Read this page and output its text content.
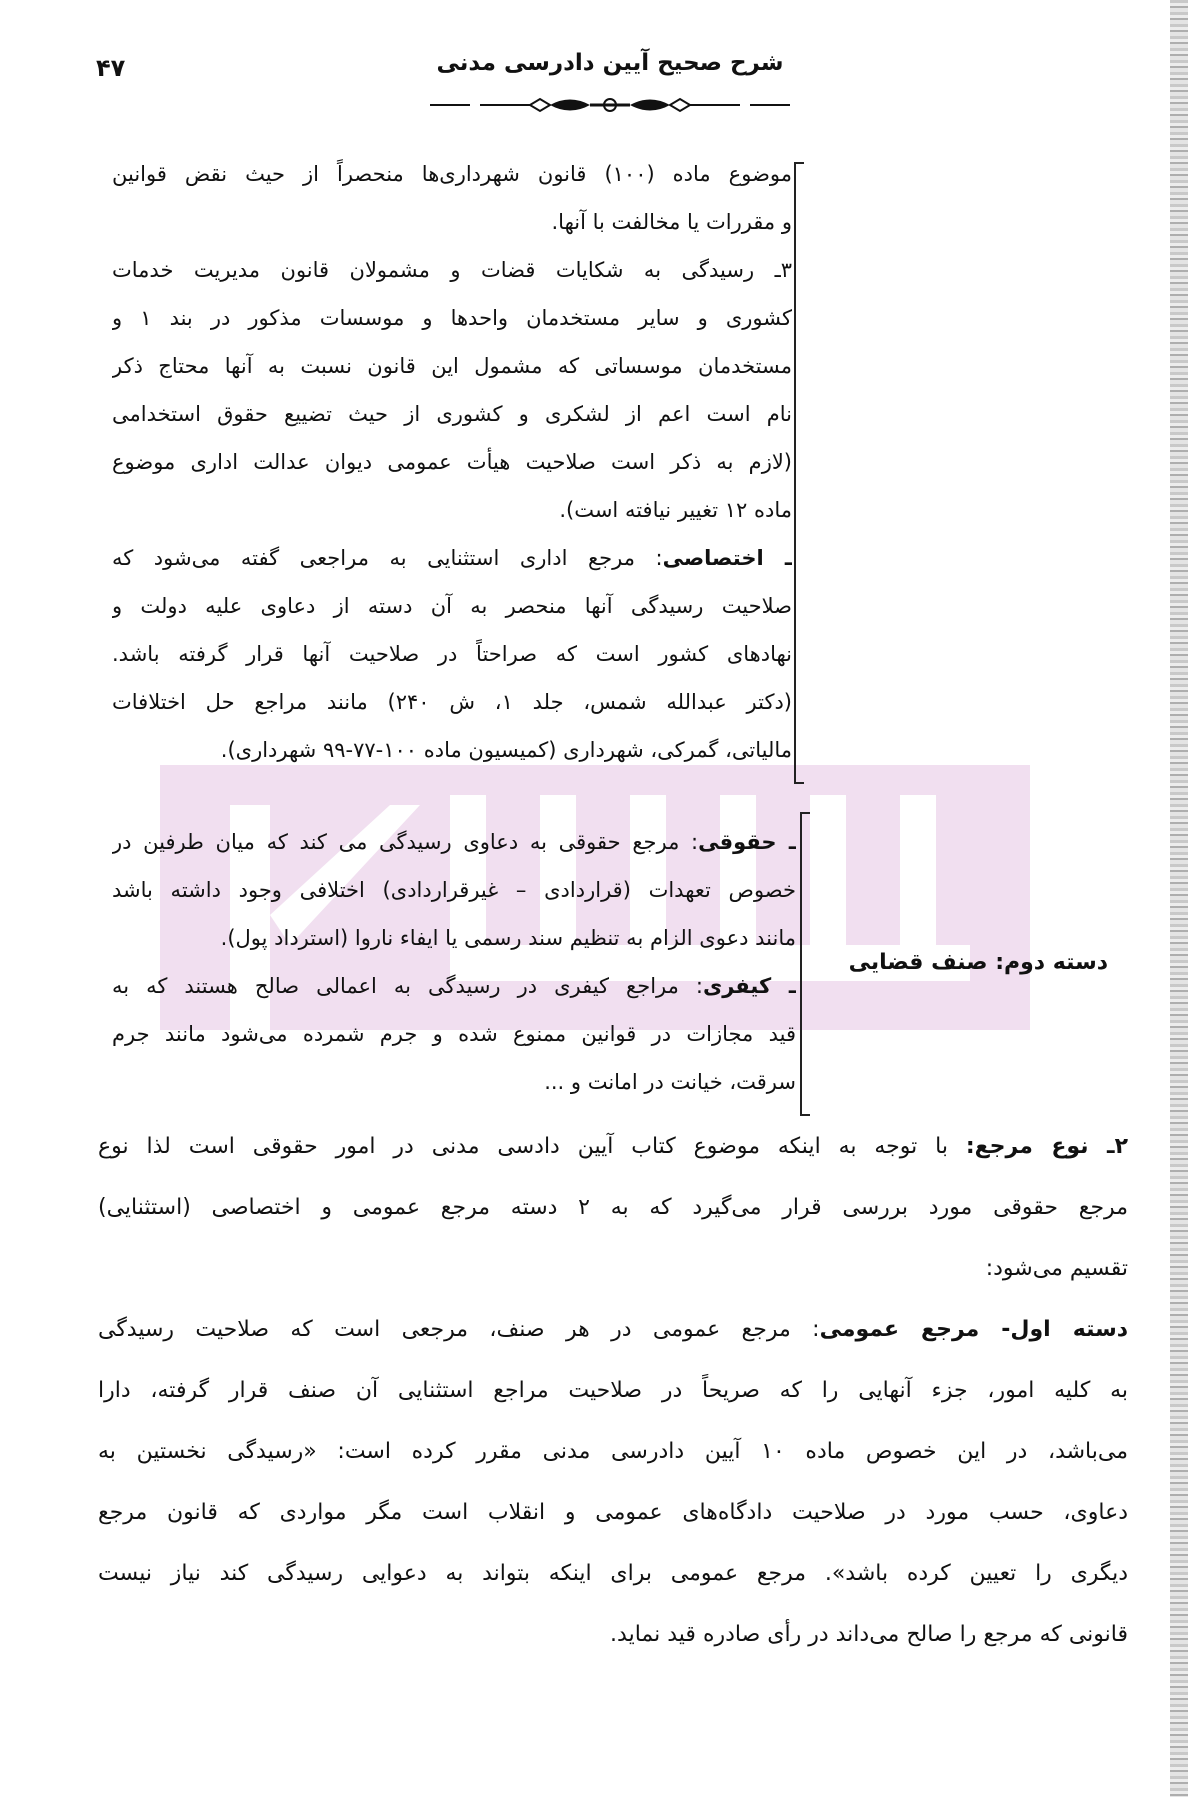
۴۷	شرح صحیح آیین دادرسی مدنی
موضوع ماده (۱۰۰) قانون شهرداری‌ها منحصراً از حیث نقض قوانین
و مقررات یا مخالفت با آنها.
۳ـ رسیدگی به شکایات قضات و مشمولان قانون مدیریت خدمات
کشوری و سایر مستخدمان واحدها و موسسات مذکور در بند ۱ و
مستخدمان موسساتی که مشمول این قانون نسبت به آنها محتاج ذکر
نام است اعم از لشکری و کشوری از حیث تضییع حقوق استخدامی
(لازم به ذکر است صلاحیت هیأت عمومی دیوان عدالت اداری موضوع
ماده ۱۲ تغییر نیافته است).
ـ اختصاصی: مرجع اداری استثنایی به مراجعی گفته می‌شود که
صلاحیت رسیدگی آنها منحصر به آن دسته از دعاوی علیه دولت و
نهادهای کشور است که صراحتاً در صلاحیت آنها قرار گرفته باشد.
(دکتر عبدالله شمس، جلد ۱، ش ۲۴۰) مانند مراجع حل اختلافات
مالیاتی، گمرکی، شهرداری (کمیسیون ماده ۱۰۰-۷۷-۹۹ شهرداری).
دسته دوم: صنف قضایی
ـ حقوقی: مرجع حقوقی به دعاوی رسیدگی می کند که میان طرفین در
خصوص تعهدات (قراردادی – غیرقراردادی) اختلافی وجود داشته باشد
مانند دعوی الزام به تنظیم سند رسمی یا ایفاء ناروا (استرداد پول).
ـ کیفری: مراجع کیفری در رسیدگی به اعمالی صالح هستند که به
قید مجازات در قوانین ممنوع شده و جرم شمرده می‌شود مانند جرم
سرقت، خیانت در امانت و ...
۲ـ نوع مرجع: با توجه به اینکه موضوع کتاب آیین دادسی مدنی در امور حقوقی است لذا نوع
مرجع حقوقی مورد بررسی قرار می‌گیرد که به ۲ دسته مرجع عمومی و اختصاصی (استثنایی)
تقسیم می‌شود:
دسته اول- مرجع عمومی: مرجع عمومی در هر صنف، مرجعی است که صلاحیت رسیدگی
به کلیه امور، جزء آنهایی را که صریحاً در صلاحیت مراجع استثنایی آن صنف قرار گرفته، دارا
می‌باشد، در این خصوص ماده ۱۰ آیین دادرسی مدنی مقرر کرده است: «رسیدگی نخستین به
دعاوی، حسب مورد در صلاحیت دادگاه‌های عمومی و انقلاب است مگر مواردی که قانون مرجع
دیگری را تعیین کرده باشد». مرجع عمومی برای اینکه بتواند به دعوایی رسیدگی کند نیاز نیست
قانونی که مرجع را صالح می‌داند در رأی صادره قید نماید.
